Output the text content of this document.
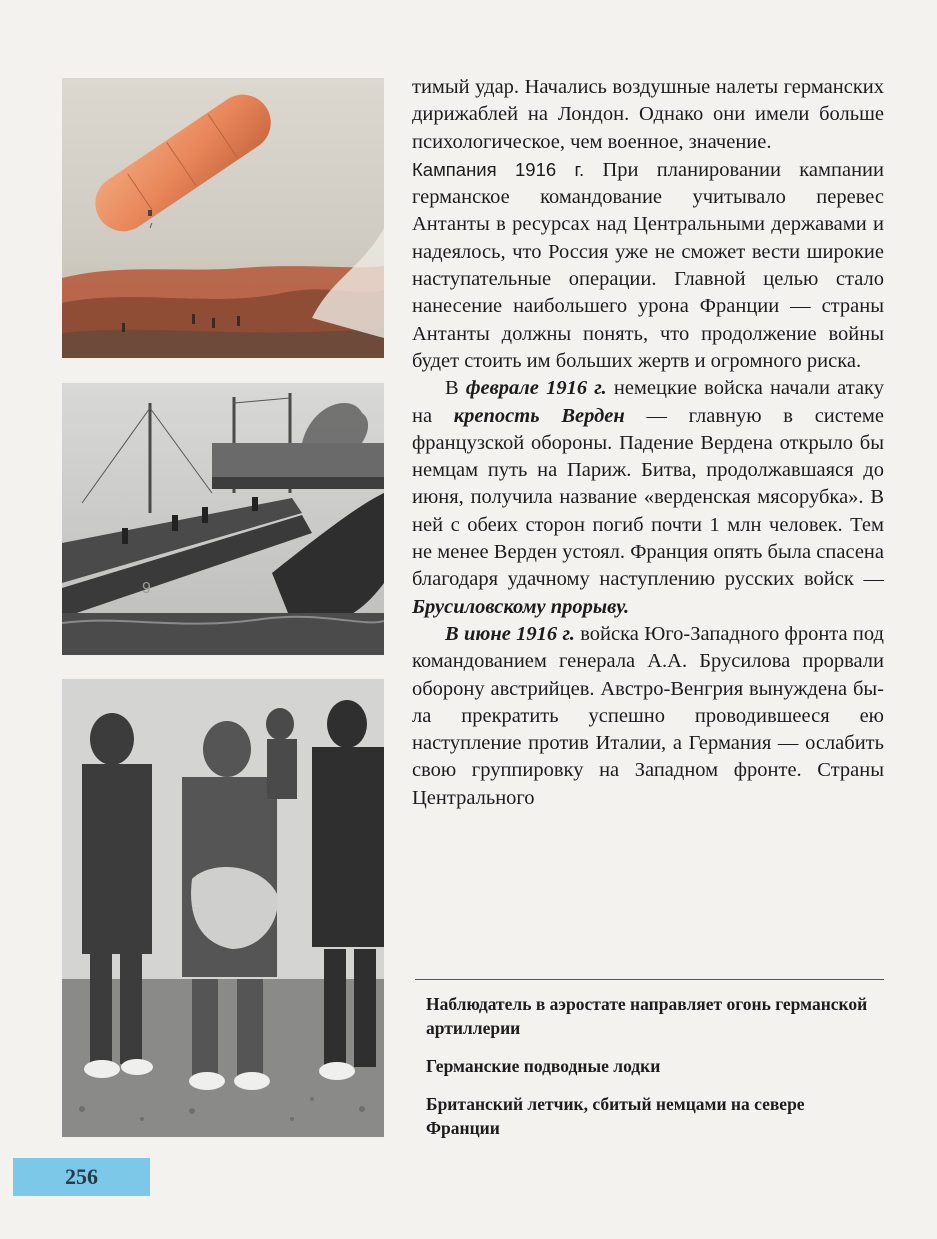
9

тимый удар. Начались воздушные налеты германских дирижаблей на Лондон. Однако они имели больше психологическое, чем военное, значение.

Кампания 1916 г. При планировании кампании германское командование учитывало перевес Антанты в ресурсах над Центральными державами и надеялось, что Россия уже не сможет вести широкие наступательные операции. Главной целью стало нанесение наибольшего урона Франции — страны Антанты должны понять, что продолжение войны будет стоить им больших жертв и огромного риска.

В феврале 1916 г. немецкие войска начали атаку на крепость Верден — главную в системе французской обороны. Падение Вердена открыло бы немцам путь на Париж. Битва, продолжавшаяся до июня, получила название «верденская мясорубка». В ней с обеих сторон погиб почти 1 млн человек. Тем не менее Верден устоял. Франция опять была спасена благодаря удачному наступлению русских войск — Брусиловскому прорыву.

В июне 1916 г. войска Юго-Западного фронта под командованием генерала А.А. Брусилова прорвали оборону австрийцев. Австро-Венгрия вынуждена была прекратить успешно проводившееся ею наступление против Италии, а Германия — ослабить свою группировку на Западном фронте. Страны Центрального

Наблюдатель в аэростате направляет огонь германской артиллерии

Германские подводные лодки

Британский летчик, сбитый немцами на севере Франции

256
